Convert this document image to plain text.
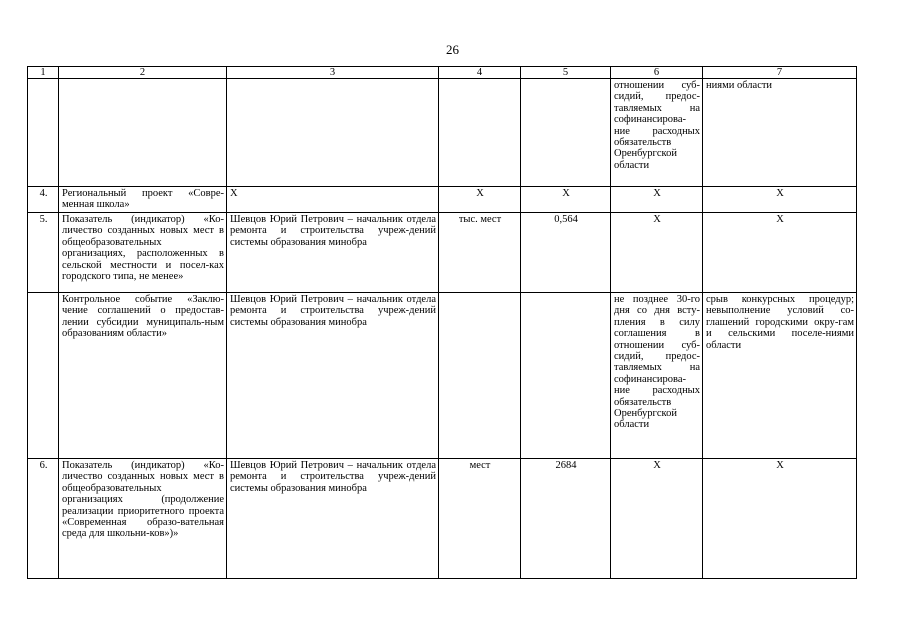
26
1	2	3	4	5	6	7
					отношении суб-сидий, предос-тавляемых на софинансирова-ние расходных обязательств Оренбургской области	ниями области
4.	Региональный проект «Совре-менная школа»	X	X	X	X	X
5.	Показатель (индикатор) «Ко-личество созданных новых мест в общеобразовательных организациях, расположенных в сельской местности и посел-ках городского типа, не менее»	Шевцов Юрий Петрович – начальник отдела ремонта и строительства учреж-дений системы образования минобра	тыс. мест	0,564	X	X
	Контрольное событие «Заклю-чение соглашений о предостав-лении субсидии муниципаль-ным образованиям области»	Шевцов Юрий Петрович – начальник отдела ремонта и строительства учреж-дений системы образования минобра			не позднее 30-го дня со дня всту-пления в силу соглашения в отношении суб-сидий, предос-тавляемых на софинансирова-ние расходных обязательств Оренбургской области	срыв конкурсных процедур; невыполнение условий со-глашений городскими окру-гам и сельскими поселе-ниями области
6.	Показатель (индикатор) «Ко-личество созданных новых мест в общеобразовательных организациях (продолжение реализации приоритетного проекта «Современная образо-вательная среда для школьни-ков»)»	Шевцов Юрий Петрович – начальник отдела ремонта и строительства учреж-дений системы образования минобра	мест	2684	X	X
